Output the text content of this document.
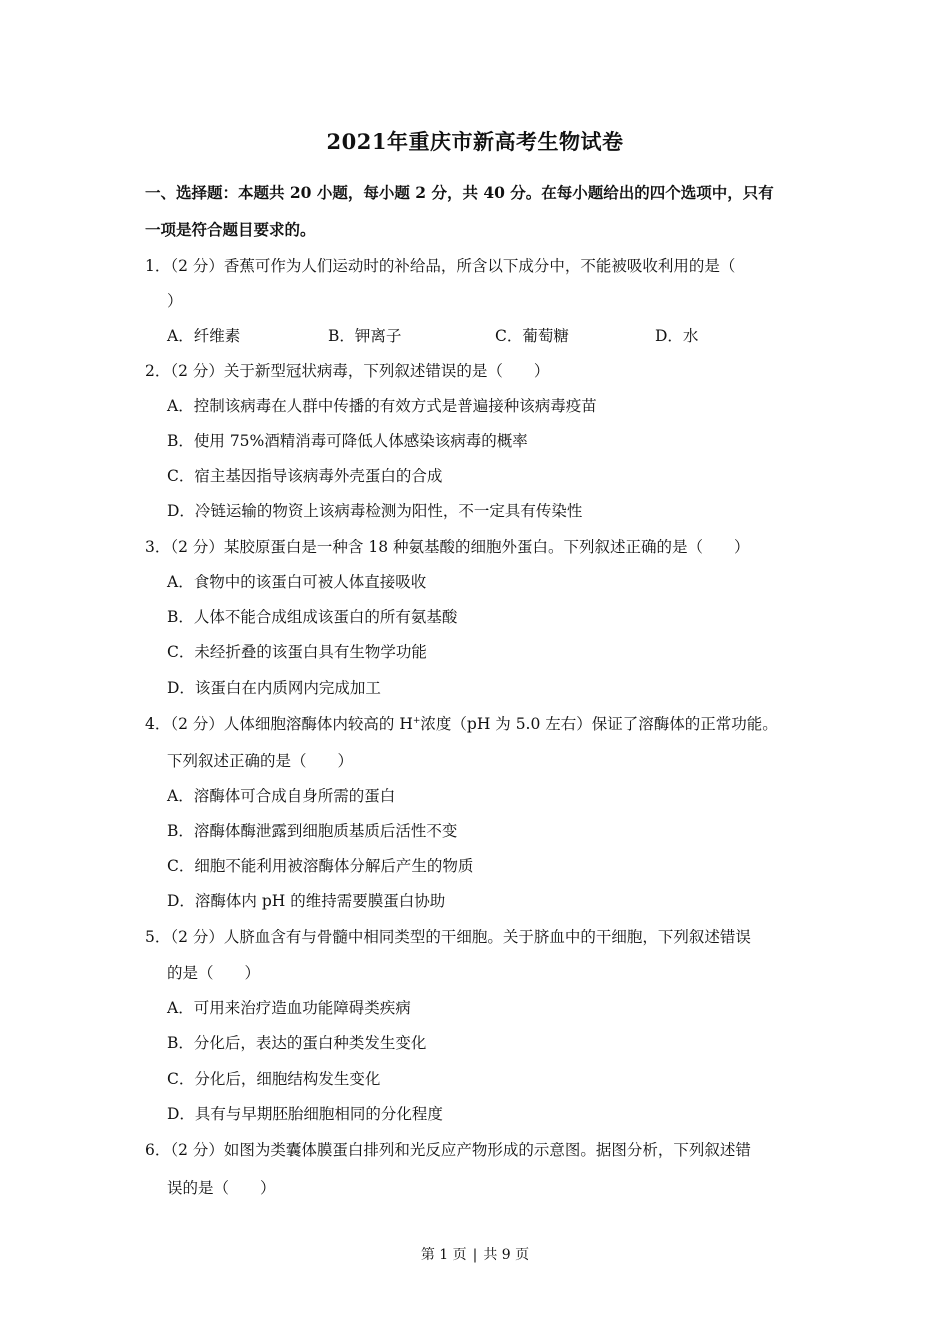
2021年重庆市新高考生物试卷
一、选择题：本题共 20 小题，每小题 2 分，共 40 分。在每小题给出的四个选项中，只有
一项是符合题目要求的。
1．（2 分）香蕉可作为人们运动时的补给品，所含以下成分中，不能被吸收利用的是（
）
A．纤维素	B．钾离子	C．葡萄糖	D．水
2．（2 分）关于新型冠状病毒，下列叙述错误的是（　　）
A．控制该病毒在人群中传播的有效方式是普遍接种该病毒疫苗
B．使用 75%酒精消毒可降低人体感染该病毒的概率
C．宿主基因指导该病毒外壳蛋白的合成
D．冷链运输的物资上该病毒检测为阳性，不一定具有传染性
3．（2 分）某胶原蛋白是一种含 18 种氨基酸的细胞外蛋白。下列叙述正确的是（　　）
A．食物中的该蛋白可被人体直接吸收
B．人体不能合成组成该蛋白的所有氨基酸
C．未经折叠的该蛋白具有生物学功能
D．该蛋白在内质网内完成加工
4．（2 分）人体细胞溶酶体内较高的 H+浓度（pH 为 5.0 左右）保证了溶酶体的正常功能。
下列叙述正确的是（　　）
A．溶酶体可合成自身所需的蛋白
B．溶酶体酶泄露到细胞质基质后活性不变
C．细胞不能利用被溶酶体分解后产生的物质
D．溶酶体内 pH 的维持需要膜蛋白协助
5．（2 分）人脐血含有与骨髓中相同类型的干细胞。关于脐血中的干细胞，下列叙述错误
的是（　　）
A．可用来治疗造血功能障碍类疾病
B．分化后，表达的蛋白种类发生变化
C．分化后，细胞结构发生变化
D．具有与早期胚胎细胞相同的分化程度
6．（2 分）如图为类囊体膜蛋白排列和光反应产物形成的示意图。据图分析，下列叙述错
误的是（　　）
第 1 页 | 共 9 页
